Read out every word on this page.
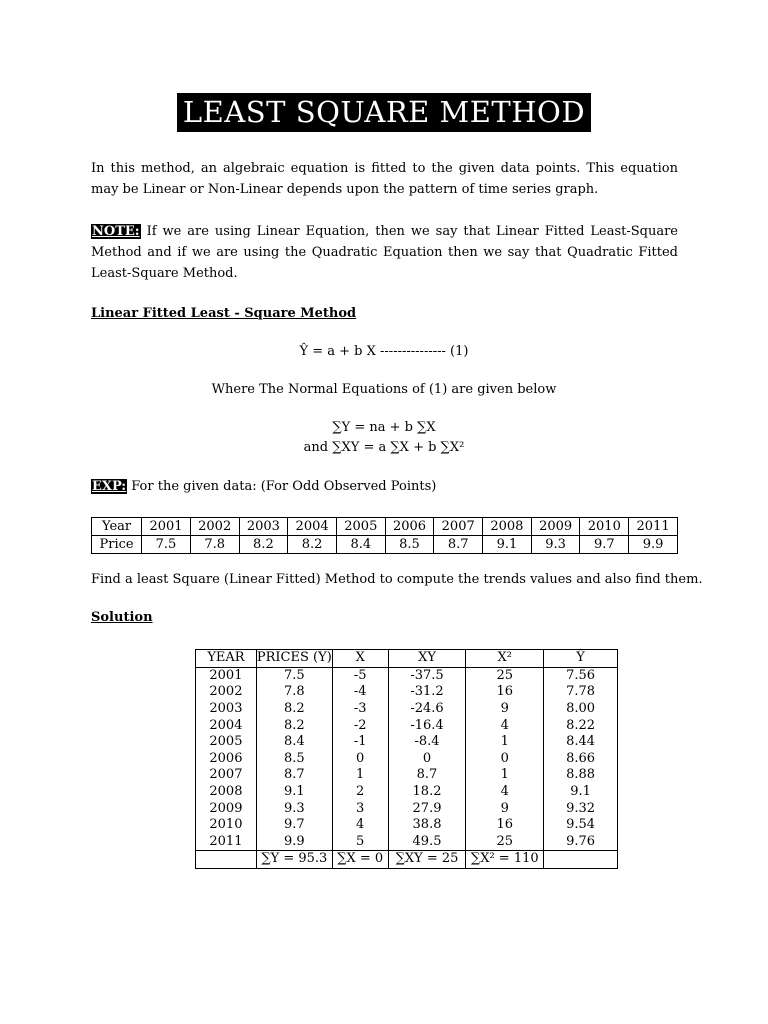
LEAST SQUARE METHOD
In this method, an algebraic equation is fitted to the given data points. This equation may be Linear or Non-Linear depends upon the pattern of time series graph.
NOTE: If we are using Linear Equation, then we say that Linear Fitted Least-Square Method and if we are using the Quadratic Equation then we say that Quadratic Fitted Least-Square Method.
Linear Fitted Least - Square Method
Ŷ = a + b X --------------- (1)
Where The Normal Equations of (1) are given below
∑Y = na + b ∑X
and ∑XY = a ∑X + b ∑X²
EXP: For the given data: (For Odd Observed Points)
Year	2001	2002	2003	2004	2005	2006	2007	2008	2009	2010	2011
Price	7.5	7.8	8.2	8.2	8.4	8.5	8.7	9.1	9.3	9.7	9.9
Find a least Square (Linear Fitted) Method to compute the trends values and also find them.
Solution
YEAR	PRICES (Y)	X	XY	X²	Ŷ
2001	7.5	-5	-37.5	25	7.56
2002	7.8	-4	-31.2	16	7.78
2003	8.2	-3	-24.6	9	8.00
2004	8.2	-2	-16.4	4	8.22
2005	8.4	-1	-8.4	1	8.44
2006	8.5	0	0	0	8.66
2007	8.7	1	8.7	1	8.88
2008	9.1	2	18.2	4	9.1
2009	9.3	3	27.9	9	9.32
2010	9.7	4	38.8	16	9.54
2011	9.9	5	49.5	25	9.76
	∑Y = 95.3	∑X = 0	∑XY = 25	∑X² = 110	
